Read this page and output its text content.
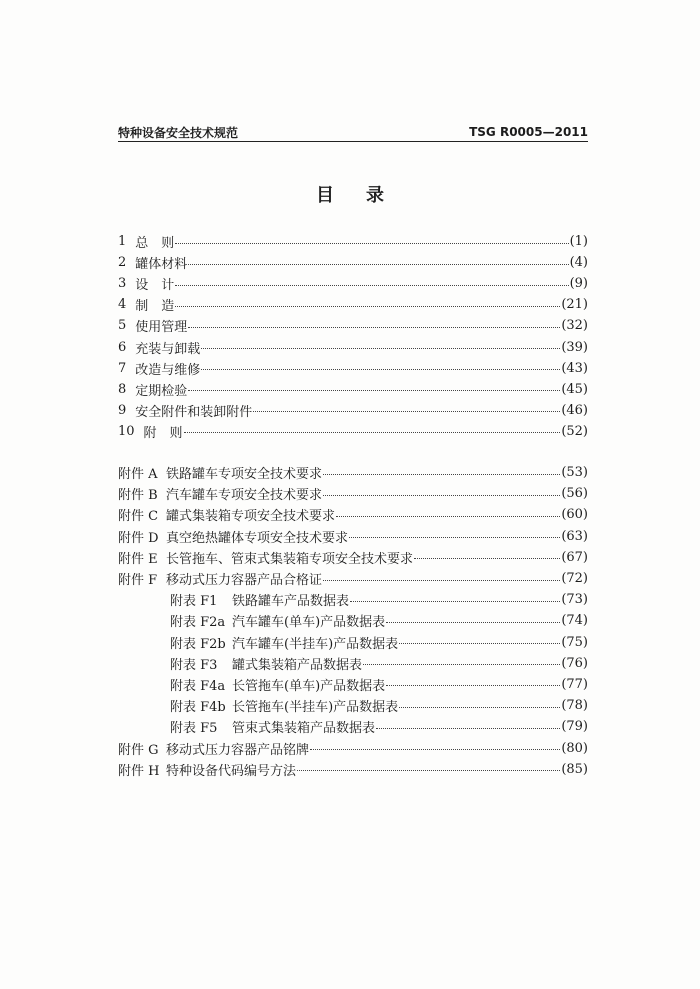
特种设备安全技术规范	TSG R0005—2011
目　录
1 总　则	(1)
2 罐体材料	(4)
3 设　计	(9)
4 制　造	(21)
5 使用管理	(32)
6 充装与卸载	(39)
7 改造与维修	(43)
8 定期检验	(45)
9 安全附件和装卸附件	(46)
10 附　则	(52)
附件 A 铁路罐车专项安全技术要求	(53)
附件 B 汽车罐车专项安全技术要求	(56)
附件 C 罐式集装箱专项安全技术要求	(60)
附件 D 真空绝热罐体专项安全技术要求	(63)
附件 E 长管拖车、管束式集装箱专项安全技术要求	(67)
附件 F 移动式压力容器产品合格证	(72)
附表 F1	铁路罐车产品数据表	(73)
附表 F2a 汽车罐车(单车)产品数据表	(74)
附表 F2b 汽车罐车(半挂车)产品数据表	(75)
附表 F3	罐式集装箱产品数据表	(76)
附表 F4a 长管拖车(单车)产品数据表	(77)
附表 F4b 长管拖车(半挂车)产品数据表	(78)
附表 F5	管束式集装箱产品数据表	(79)
附件 G 移动式压力容器产品铭牌	(80)
附件 H 特种设备代码编号方法	(85)
